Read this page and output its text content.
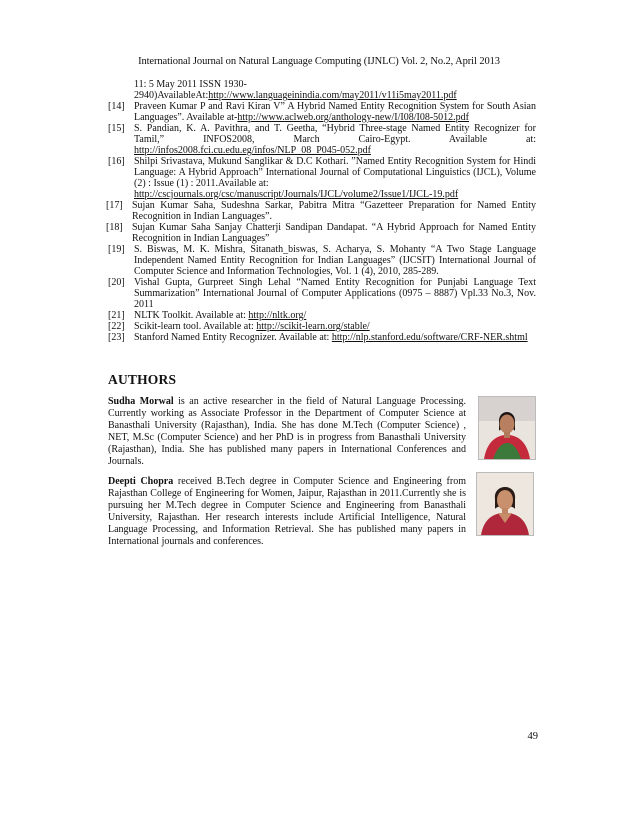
International Journal on Natural Language Computing (IJNLC) Vol. 2, No.2, April 2013
11: 5 May 2011 ISSN 1930-
2940)AvailableAt:http://www.languageinindia.com/may2011/v11i5may2011.pdf
[14] Praveen Kumar P and Ravi Kiran V” A Hybrid Named Entity Recognition System for South Asian Languages”. Available at-http://www.aclweb.org/anthology-new/I/I08/I08-5012.pdf
[15] S. Pandian, K. A. Pavithra, and T. Geetha, “Hybrid Three-stage Named Entity Recognizer for Tamil,” INFOS2008, March Cairo-Egypt. Available at: http://infos2008.fci.cu.edu.eg/infos/NLP_08_P045-052.pdf
[16] Shilpi Srivastava, Mukund Sanglikar & D.C Kothari. ”Named Entity Recognition System for Hindi Language: A Hybrid Approach” International Journal of Computational Linguistics (IJCL), Volume (2) : Issue (1) : 2011.Available at:
http://cscjournals.org/csc/manuscript/Journals/IJCL/volume2/Issue1/IJCL-19.pdf
[17] Sujan Kumar Saha, Sudeshna Sarkar, Pabitra Mitra “Gazetteer Preparation for Named Entity Recognition in Indian Languages”.
[18] Sujan Kumar Saha Sanjay Chatterji Sandipan Dandapat. “A Hybrid Approach for Named Entity Recognition in Indian Languages”
[19] S. Biswas, M. K. Mishra, Sitanath_biswas, S. Acharya, S. Mohanty “A Two Stage Language Independent Named Entity Recognition for Indian Languages” (IJCSIT) International Journal of Computer Science and Information Technologies, Vol. 1 (4), 2010, 285-289.
[20] Vishal Gupta, Gurpreet Singh Lehal “Named Entity Recognition for Punjabi Language Text Summarization” International Journal of Computer Applications (0975 – 8887) Vpl.33 No.3, Nov. 2011
[21] NLTK Toolkit. Available at: http://nltk.org/
[22] Scikit-learn tool. Available at: http://scikit-learn.org/stable/
[23] Stanford Named Entity Recognizer. Available at: http://nlp.stanford.edu/software/CRF-NER.shtml
AUTHORS
Sudha Morwal is an active researcher in the field of Natural Language Processing. Currently working as Associate Professor in the Department of Computer Science at Banasthali University (Rajasthan), India. She has done M.Tech (Computer Science) , NET, M.Sc (Computer Science) and her PhD is in progress from Banasthali University (Rajasthan), India. She has published many papers in International Conferences and Journals.
Deepti Chopra received B.Tech degree in Computer Science and Engineering from Rajasthan College of Engineering for Women, Jaipur, Rajasthan in 2011.Currently she is pursuing her M.Tech degree in Computer Science and Engineering from Banasthali University, Rajasthan. Her research interests include Artificial Intelligence, Natural Language Processing, and Information Retrieval. She has published many papers in International journals and conferences.
49
